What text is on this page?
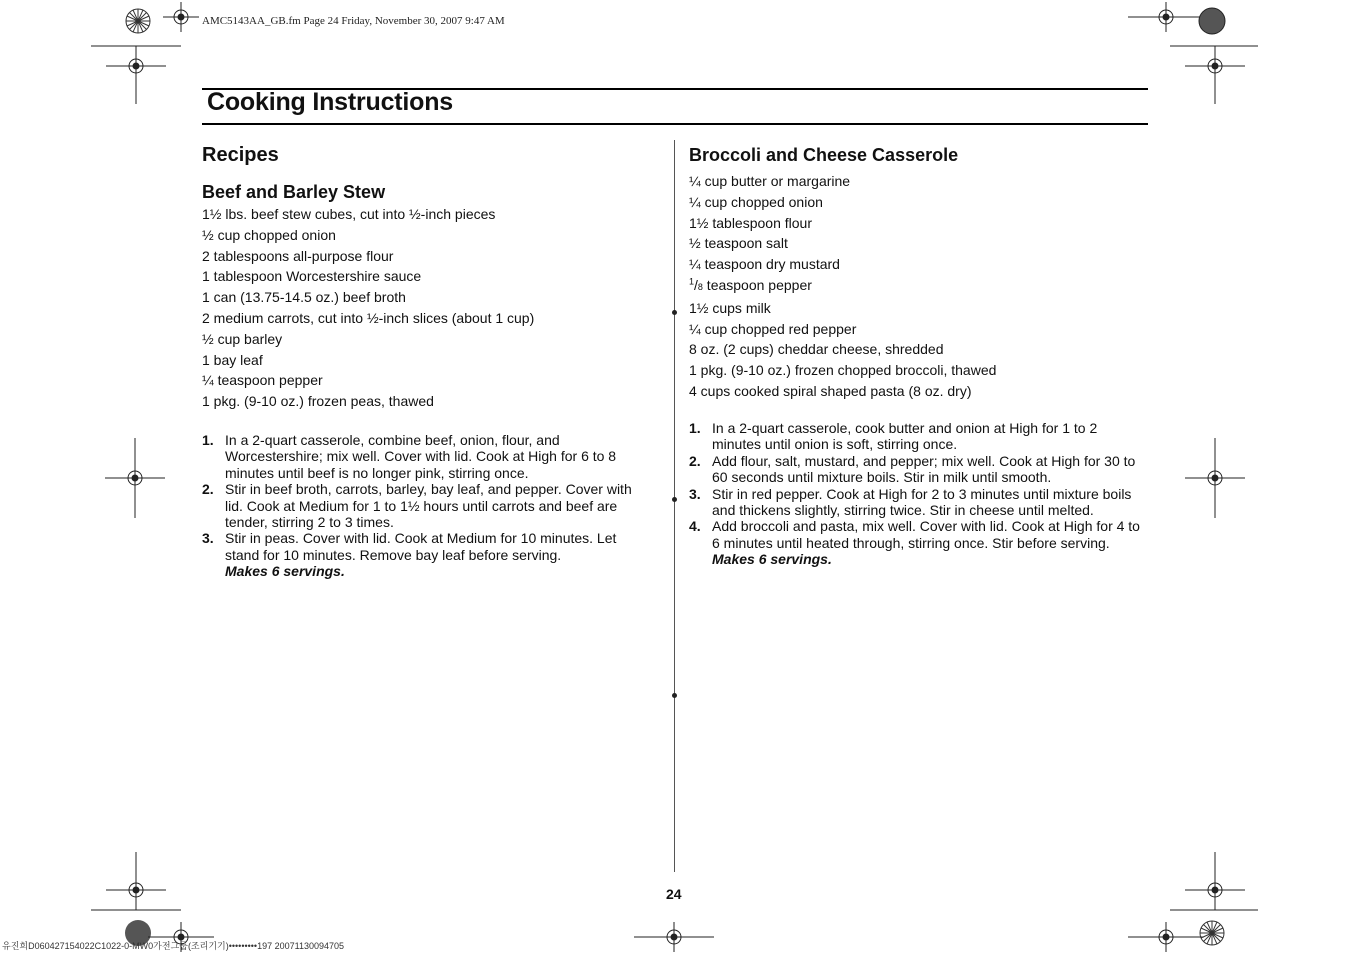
AMC5143AA_GB.fm Page 24 Friday, November 30, 2007 9:47 AM
Cooking Instructions
Recipes
Beef and Barley Stew
1½ lbs. beef stew cubes, cut into ½-inch pieces
½ cup chopped onion
2 tablespoons all-purpose flour
1 tablespoon Worcestershire sauce
1 can (13.75-14.5 oz.) beef broth
2 medium carrots, cut into ½-inch slices (about 1 cup)
½ cup barley
1 bay leaf
¼ teaspoon pepper
1 pkg. (9-10 oz.) frozen peas, thawed
1. In a 2-quart casserole, combine beef, onion, flour, and Worcestershire; mix well. Cover with lid. Cook at High for 6 to 8 minutes until beef is no longer pink, stirring once.
2. Stir in beef broth, carrots, barley, bay leaf, and pepper. Cover with lid. Cook at Medium for 1 to 1½ hours until carrots and beef are tender, stirring 2 to 3 times.
3. Stir in peas. Cover with lid. Cook at Medium for 10 minutes. Let stand for 10 minutes. Remove bay leaf before serving.
Makes 6 servings.
Broccoli and Cheese Casserole
¼ cup butter or margarine
¼ cup chopped onion
1½ tablespoon flour
½ teaspoon salt
¼ teaspoon dry mustard
$^1$/8 teaspoon pepper
1½ cups milk
¼ cup chopped red pepper
8 oz. (2 cups) cheddar cheese, shredded
1 pkg. (9-10 oz.) frozen chopped broccoli, thawed
4 cups cooked spiral shaped pasta (8 oz. dry)
1. In a 2-quart casserole, cook butter and onion at High for 1 to 2 minutes until onion is soft, stirring once.
2. Add flour, salt, mustard, and pepper; mix well. Cook at High for 30 to 60 seconds until mixture boils. Stir in milk until smooth.
3. Stir in red pepper. Cook at High for 2 to 3 minutes until mixture boils and thickens slightly, stirring twice. Stir in cheese until melted.
4. Add broccoli and pasta, mix well. Cover with lid. Cook at High for 4 to 6 minutes until heated through, stirring once. Stir before serving.
Makes 6 servings.
24
유진희D060427154022C1022-0-MW0가전그룹(조리기기)•••••••••197 20071130094705
